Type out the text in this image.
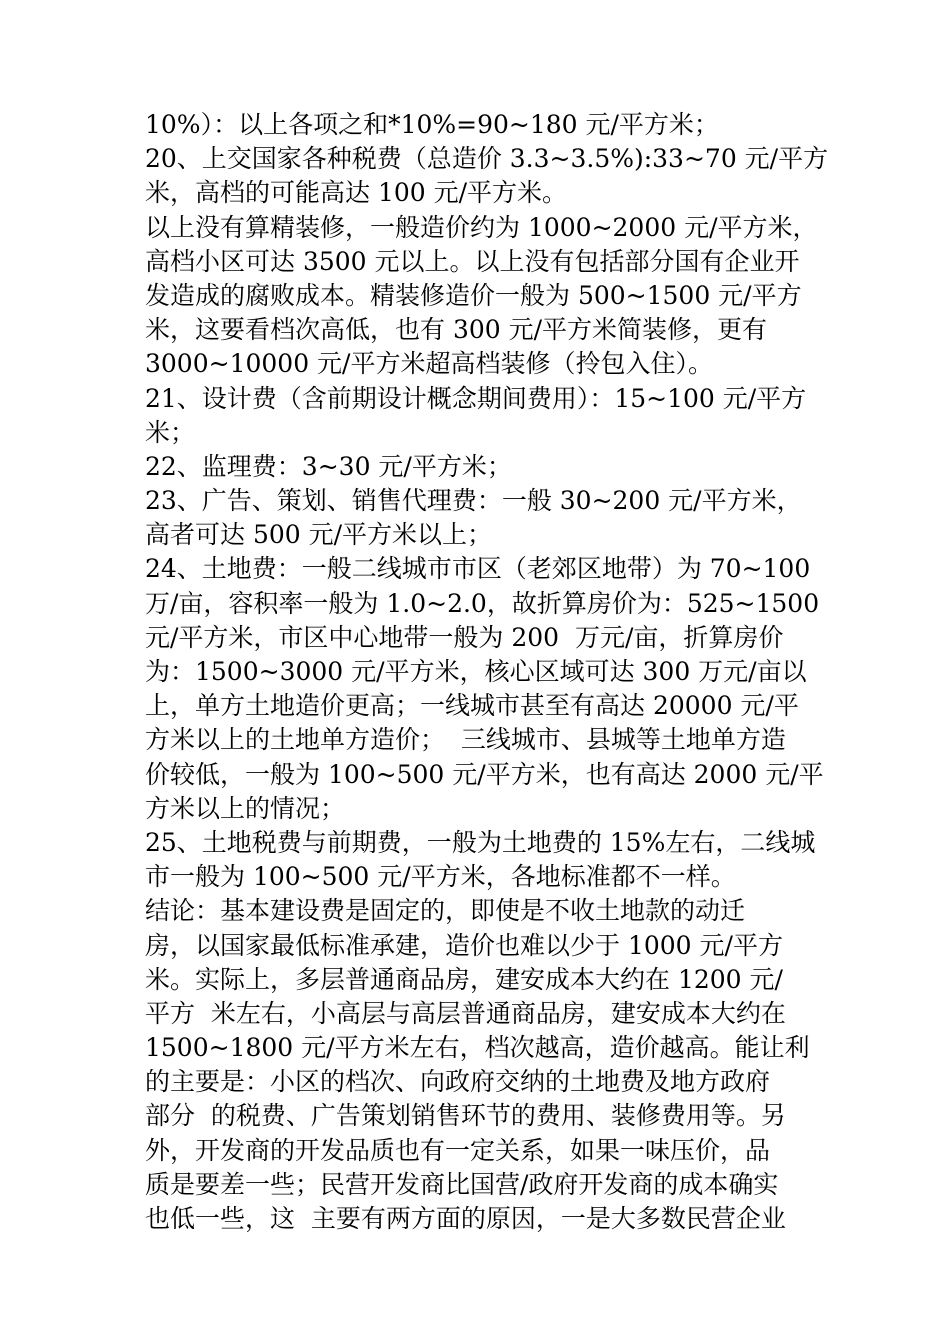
10%）：以上各项之和*10%=90~180 元/平方米；
20、上交国家各种税费（总造价 3.3~3.5%):33~70 元/平方
米，高档的可能高达 100 元/平方米。
以上没有算精装修，一般造价约为 1000~2000 元/平方米，
高档小区可达 3500 元以上。以上没有包括部分国有企业开
发造成的腐败成本。精装修造价一般为 500~1500 元/平方
米，这要看档次高低，也有 300 元/平方米简装修，更有
3000~10000 元/平方米超高档装修（拎包入住）。
21、设计费（含前期设计概念期间费用）：15~100 元/平方
米；
22、监理费：3~30 元/平方米；
23、广告、策划、销售代理费：一般 30~200 元/平方米，
高者可达 500 元/平方米以上；
24、土地费：一般二线城市市区（老郊区地带）为 70~100
万/亩，容积率一般为 1.0~2.0，故折算房价为：525~1500
元/平方米，市区中心地带一般为 200  万元/亩，折算房价
为：1500~3000 元/平方米，核心区域可达 300 万元/亩以
上，单方土地造价更高；一线城市甚至有高达 20000 元/平
方米以上的土地单方造价；  三线城市、县城等土地单方造
价较低，一般为 100~500 元/平方米，也有高达 2000 元/平
方米以上的情况；
25、土地税费与前期费，一般为土地费的 15%左右，二线城
市一般为 100~500 元/平方米，各地标准都不一样。
结论：基本建设费是固定的，即使是不收土地款的动迁
房，以国家最低标准承建，造价也难以少于 1000 元/平方
米。实际上，多层普通商品房，建安成本大约在 1200 元/
平方  米左右，小高层与高层普通商品房，建安成本大约在
1500~1800 元/平方米左右，档次越高，造价越高。能让利
的主要是：小区的档次、向政府交纳的土地费及地方政府
部分  的税费、广告策划销售环节的费用、装修费用等。另
外，开发商的开发品质也有一定关系，如果一味压价，品
质是要差一些；民营开发商比国营/政府开发商的成本确实
也低一些，这  主要有两方面的原因，一是大多数民营企业
